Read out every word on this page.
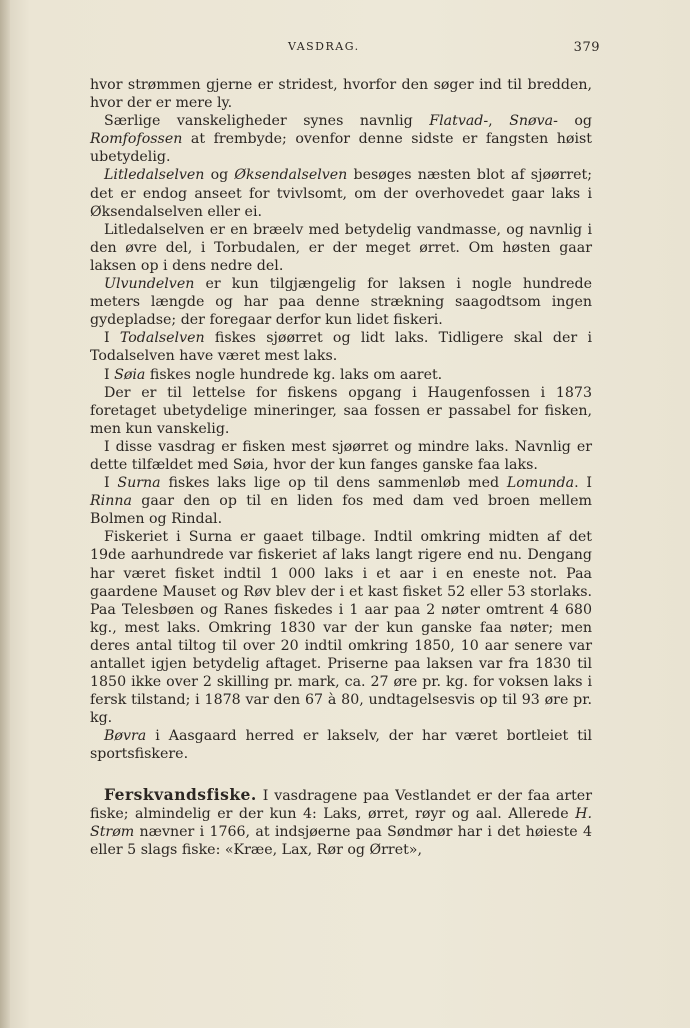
VASDRAG.	379

hvor strømmen gjerne er stridest, hvorfor den søger ind til bredden, hvor der er mere ly.

Særlige vanskeligheder synes navnlig Flatvad-, Snøva- og Romfofossen at frembyde; ovenfor denne sidste er fangsten høist ubetydelig.

Litledalselven og Øksendalselven besøges næsten blot af sjøørret; det er endog anseet for tvivlsomt, om der overhovedet gaar laks i Øksendalselven eller ei.

Litledalselven er en bræelv med betydelig vandmasse, og navnlig i den øvre del, i Torbudalen, er der meget ørret. Om høsten gaar laksen op i dens nedre del.

Ulvundelven er kun tilgjængelig for laksen i nogle hundrede meters længde og har paa denne strækning saagodtsom ingen gydepladse; der foregaar derfor kun lidet fiskeri.

I Todalselven fiskes sjøørret og lidt laks. Tidligere skal der i Todalselven have været mest laks.

I Søia fiskes nogle hundrede kg. laks om aaret.

Der er til lettelse for fiskens opgang i Haugenfossen i 1873 foretaget ubetydelige mineringer, saa fossen er passabel for fisken, men kun vanskelig.

I disse vasdrag er fisken mest sjøørret og mindre laks. Navnlig er dette tilfældet med Søia, hvor der kun fanges ganske faa laks.

I Surna fiskes laks lige op til dens sammenløb med Lomunda. I Rinna gaar den op til en liden fos med dam ved broen mellem Bolmen og Rindal.

Fiskeriet i Surna er gaaet tilbage. Indtil omkring midten af det 19de aarhundrede var fiskeriet af laks langt rigere end nu. Dengang har været fisket indtil 1 000 laks i et aar i en eneste not. Paa gaardene Mauset og Røv blev der i et kast fisket 52 eller 53 storlaks. Paa Telesbøen og Ranes fiskedes i 1 aar paa 2 nøter omtrent 4 680 kg., mest laks. Omkring 1830 var der kun ganske faa nøter; men deres antal tiltog til over 20 indtil omkring 1850, 10 aar senere var antallet igjen betydelig aftaget. Priserne paa laksen var fra 1830 til 1850 ikke over 2 skilling pr. mark, ca. 27 øre pr. kg. for voksen laks i fersk tilstand; i 1878 var den 67 à 80, undtagelsesvis op til 93 øre pr. kg.

Bøvra i Aasgaard herred er lakselv, der har været bortleiet til sportsfiskere.

Ferskvandsfiske. I vasdragene paa Vestlandet er der faa arter fiske; almindelig er der kun 4: Laks, ørret, røyr og aal. Allerede H. Strøm nævner i 1766, at indsjøerne paa Søndmør har i det høieste 4 eller 5 slags fiske: «Kræe, Lax, Rør og Ørret»,
